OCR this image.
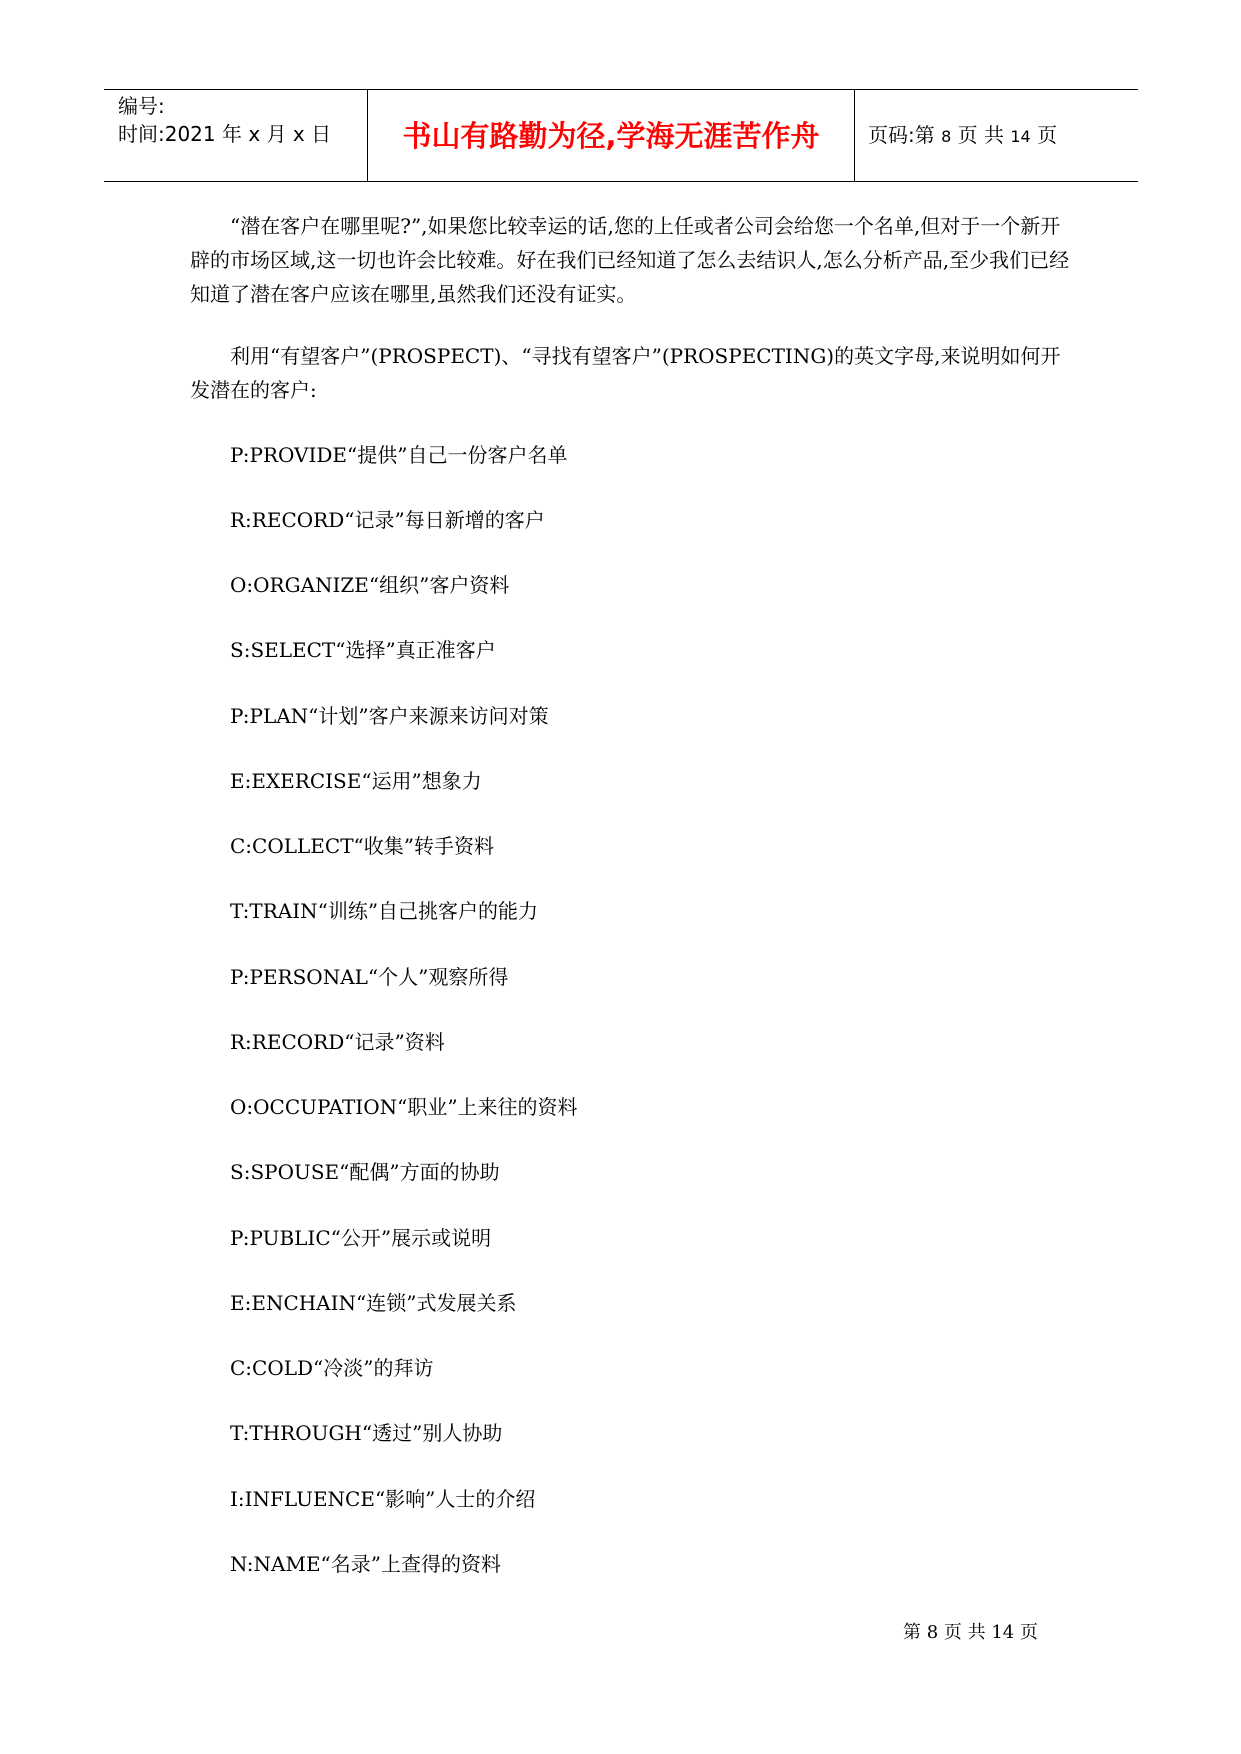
编号:
时间:2021 年 x 月 x 日	书山有路勤为径,学海无涯苦作舟	页码:第 8 页 共 14 页

“潜在客户在哪里呢?”,如果您比较幸运的话,您的上任或者公司会给您一个名单,但对于一个新开辟的市场区域,这一切也许会比较难。好在我们已经知道了怎么去结识人,怎么分析产品,至少我们已经知道了潜在客户应该在哪里,虽然我们还没有证实。

利用“有望客户”(PROSPECT)、“寻找有望客户”(PROSPECTING)的英文字母,来说明如何开发潜在的客户:

P:PROVIDE“提供”自己一份客户名单
R:RECORD“记录”每日新增的客户
O:ORGANIZE“组织”客户资料
S:SELECT“选择”真正准客户
P:PLAN“计划”客户来源来访问对策
E:EXERCISE“运用”想象力
C:COLLECT“收集”转手资料
T:TRAIN“训练”自己挑客户的能力
P:PERSONAL“个人”观察所得
R:RECORD“记录”资料
O:OCCUPATION“职业”上来往的资料
S:SPOUSE“配偶”方面的协助
P:PUBLIC“公开”展示或说明
E:ENCHAIN“连锁”式发展关系
C:COLD“冷淡”的拜访
T:THROUGH“透过”别人协助
I:INFLUENCE“影响”人士的介绍
N:NAME“名录”上查得的资料
第 8 页 共 14 页
